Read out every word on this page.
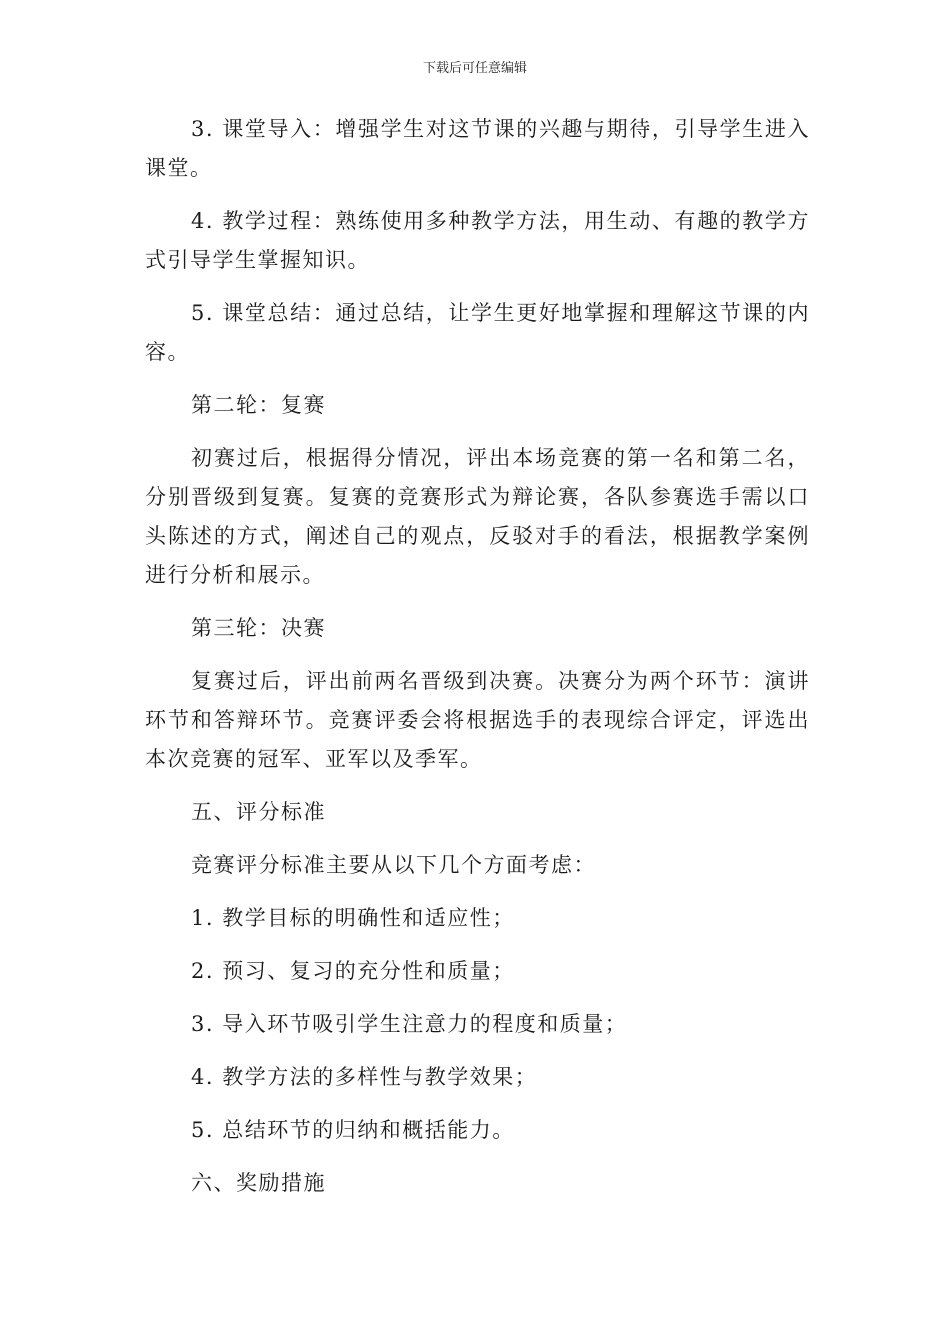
下载后可任意编辑

3. 课堂导入：增强学生对这节课的兴趣与期待，引导学生进入课堂。

4. 教学过程：熟练使用多种教学方法，用生动、有趣的教学方式引导学生掌握知识。

5. 课堂总结：通过总结，让学生更好地掌握和理解这节课的内容。

第二轮：复赛

初赛过后，根据得分情况，评出本场竞赛的第一名和第二名，分别晋级到复赛。复赛的竞赛形式为辩论赛，各队参赛选手需以口头陈述的方式，阐述自己的观点，反驳对手的看法，根据教学案例进行分析和展示。

第三轮：决赛

复赛过后，评出前两名晋级到决赛。决赛分为两个环节：演讲环节和答辩环节。竞赛评委会将根据选手的表现综合评定，评选出本次竞赛的冠军、亚军以及季军。

五、评分标准

竞赛评分标准主要从以下几个方面考虑：

1. 教学目标的明确性和适应性；

2. 预习、复习的充分性和质量；

3. 导入环节吸引学生注意力的程度和质量；

4. 教学方法的多样性与教学效果；

5. 总结环节的归纳和概括能力。

六、奖励措施
